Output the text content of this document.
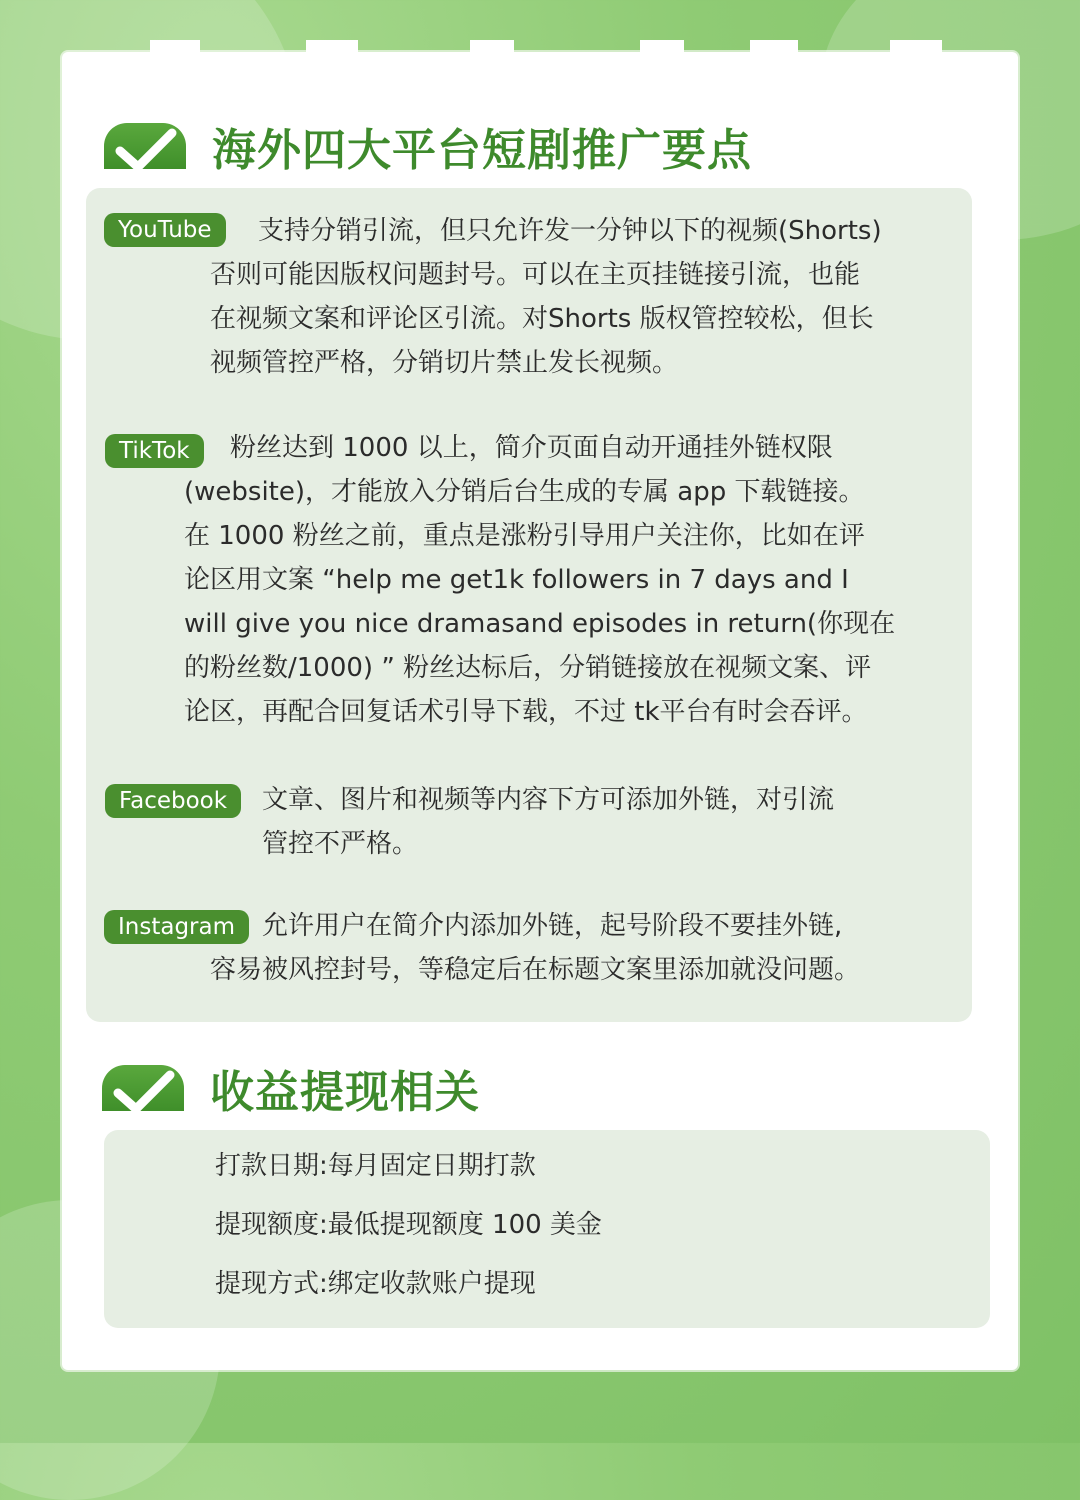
海外四大平台短剧推广要点
YouTube	支持分销引流，但只允许发一分钟以下的视频(Shorts)
否则可能因版权问题封号。可以在主页挂链接引流，也能
在视频文案和评论区引流。对Shorts 版权管控较松，但长
视频管控严格，分销切片禁止发长视频。
TikTok	粉丝达到 1000 以上，简介页面自动开通挂外链权限
(website)，才能放入分销后台生成的专属 app 下载链接。
在 1000 粉丝之前，重点是涨粉引导用户关注你，比如在评
论区用文案 “help me get1k followers in 7 days and I
will give you nice dramasand episodes in return(你现在
的粉丝数/1000) ” 粉丝达标后，分销链接放在视频文案、评
论区，再配合回复话术引导下载，不过 tk平台有时会吞评。
Facebook	文章、图片和视频等内容下方可添加外链，对引流
管控不严格。
Instagram	允许用户在简介内添加外链，起号阶段不要挂外链,
容易被风控封号，等稳定后在标题文案里添加就没问题。
收益提现相关
打款日期:每月固定日期打款
提现额度:最低提现额度 100 美金
提现方式:绑定收款账户提现
